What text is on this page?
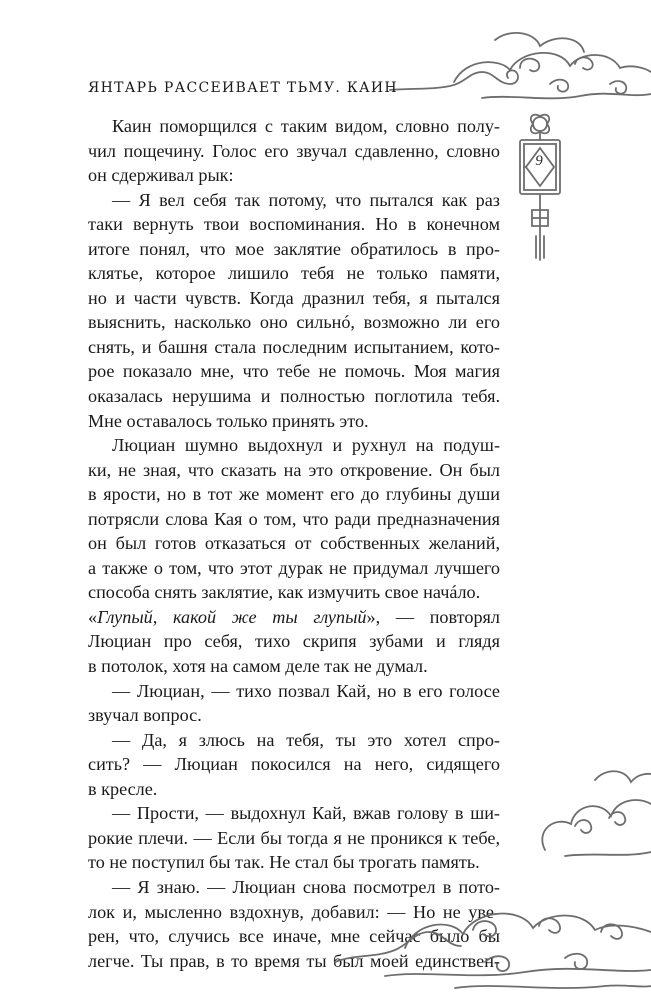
ЯНТАРЬ РАССЕИВАЕТ ТЬМУ. КАИН
9
Каин поморщился с таким видом, словно полу-
чил пощечину. Голос его звучал сдавленно, словно
он сдерживал рык:
— Я вел себя так потому, что пытался как раз
таки вернуть твои воспоминания. Но в конечном
итоге понял, что мое заклятие обратилось в про-
клятье, которое лишило тебя не только памяти,
но и части чувств. Когда дразнил тебя, я пытался
выяснить, насколько оно сильнó, возможно ли его
снять, и башня стала последним испытанием, кото-
рое показало мне, что тебе не помочь. Моя магия
оказалась нерушима и полностью поглотила тебя.
Мне оставалось только принять это.
Люциан шумно выдохнул и рухнул на подуш-
ки, не зная, что сказать на это откровение. Он был
в ярости, но в тот же момент его до глубины души
потрясли слова Кая о том, что ради предназначения
он был готов отказаться от собственных желаний,
а также о том, что этот дурак не придумал лучшего
способа снять заклятие, как измучить свое начáло.
«Глупый, какой же ты глупый», — повторял
Люциан про себя, тихо скрипя зубами и глядя
в потолок, хотя на самом деле так не думал.
— Люциан, — тихо позвал Кай, но в его голосе
звучал вопрос.
— Да, я злюсь на тебя, ты это хотел спро-
сить? — Люциан покосился на него, сидящего
в кресле.
— Прости, — выдохнул Кай, вжав голову в ши-
рокие плечи. — Если бы тогда я не проникся к тебе,
то не поступил бы так. Не стал бы трогать память.
— Я знаю. — Люциан снова посмотрел в пото-
лок и, мысленно вздохнув, добавил: — Но не уве-
рен, что, случись все иначе, мне сейчас было бы
легче. Ты прав, в то время ты был моей единствен-
